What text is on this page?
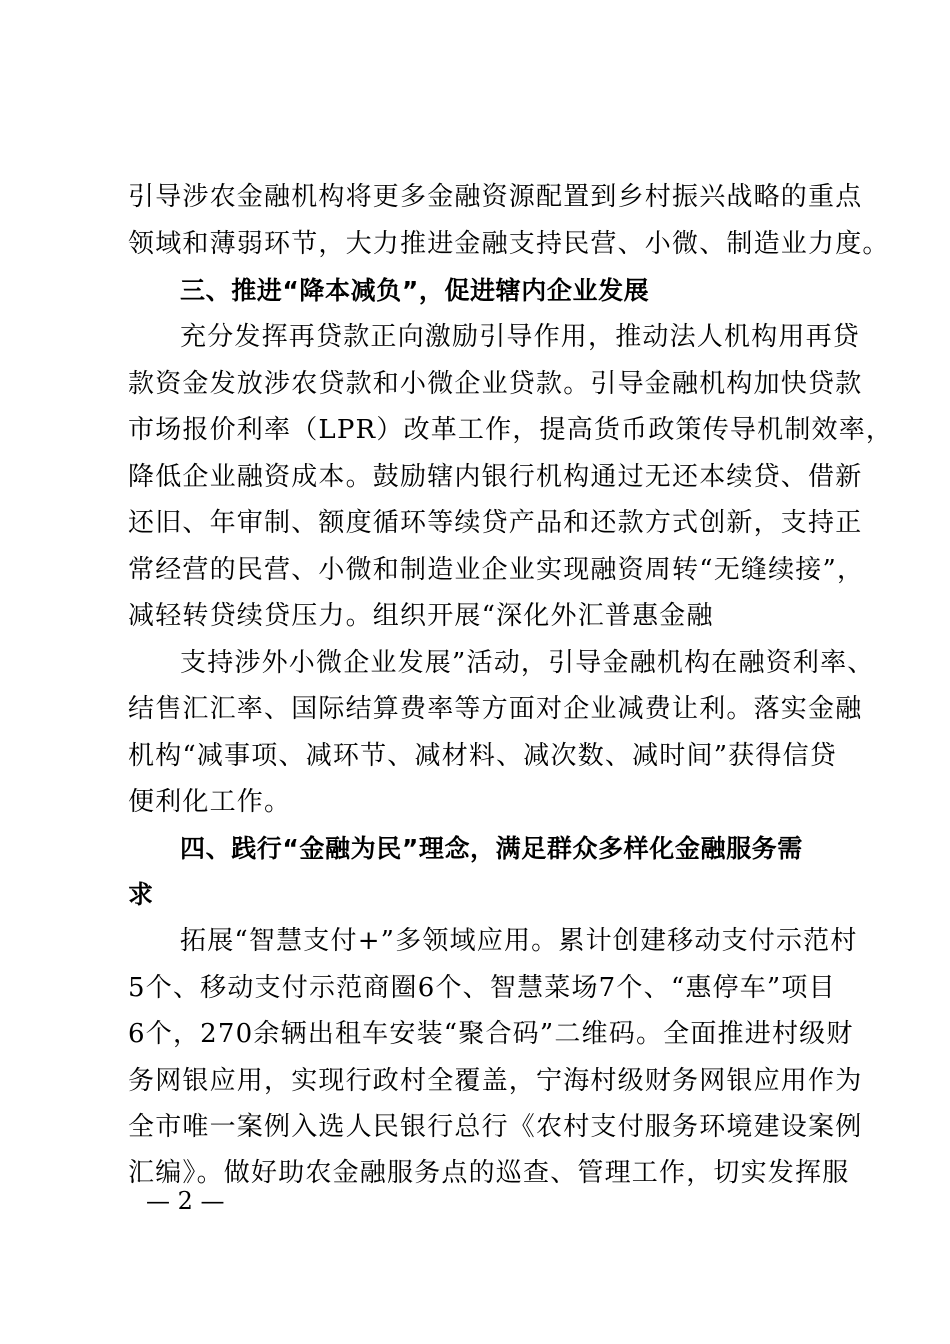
引导涉农金融机构将更多金融资源配置到乡村振兴战略的重点
领域和薄弱环节，大力推进金融支持民营、小微、制造业力度。
三、推进“降本减负”，促进辖内企业发展
充分发挥再贷款正向激励引导作用，推动法人机构用再贷
款资金发放涉农贷款和小微企业贷款。引导金融机构加快贷款
市场报价利率（LPR）改革工作，提高货币政策传导机制效率，
降低企业融资成本。鼓励辖内银行机构通过无还本续贷、借新
还旧、年审制、额度循环等续贷产品和还款方式创新，支持正
常经营的民营、小微和制造业企业实现融资周转“无缝续接”，
减轻转贷续贷压力。组织开展“深化外汇普惠金融
支持涉外小微企业发展”活动，引导金融机构在融资利率、
结售汇汇率、国际结算费率等方面对企业减费让利。落实金融
机构“减事项、减环节、减材料、减次数、减时间”获得信贷
便利化工作。
四、践行“金融为民”理念，满足群众多样化金融服务需
求
拓展“智慧支付+”多领域应用。累计创建移动支付示范村
5个、移动支付示范商圈6个、智慧菜场7个、“惠停车”项目
6个，270余辆出租车安装“聚合码”二维码。全面推进村级财
务网银应用，实现行政村全覆盖，宁海村级财务网银应用作为
全市唯一案例入选人民银行总行《农村支付服务环境建设案例
汇编》。做好助农金融服务点的巡查、管理工作，切实发挥服
— 2 —
